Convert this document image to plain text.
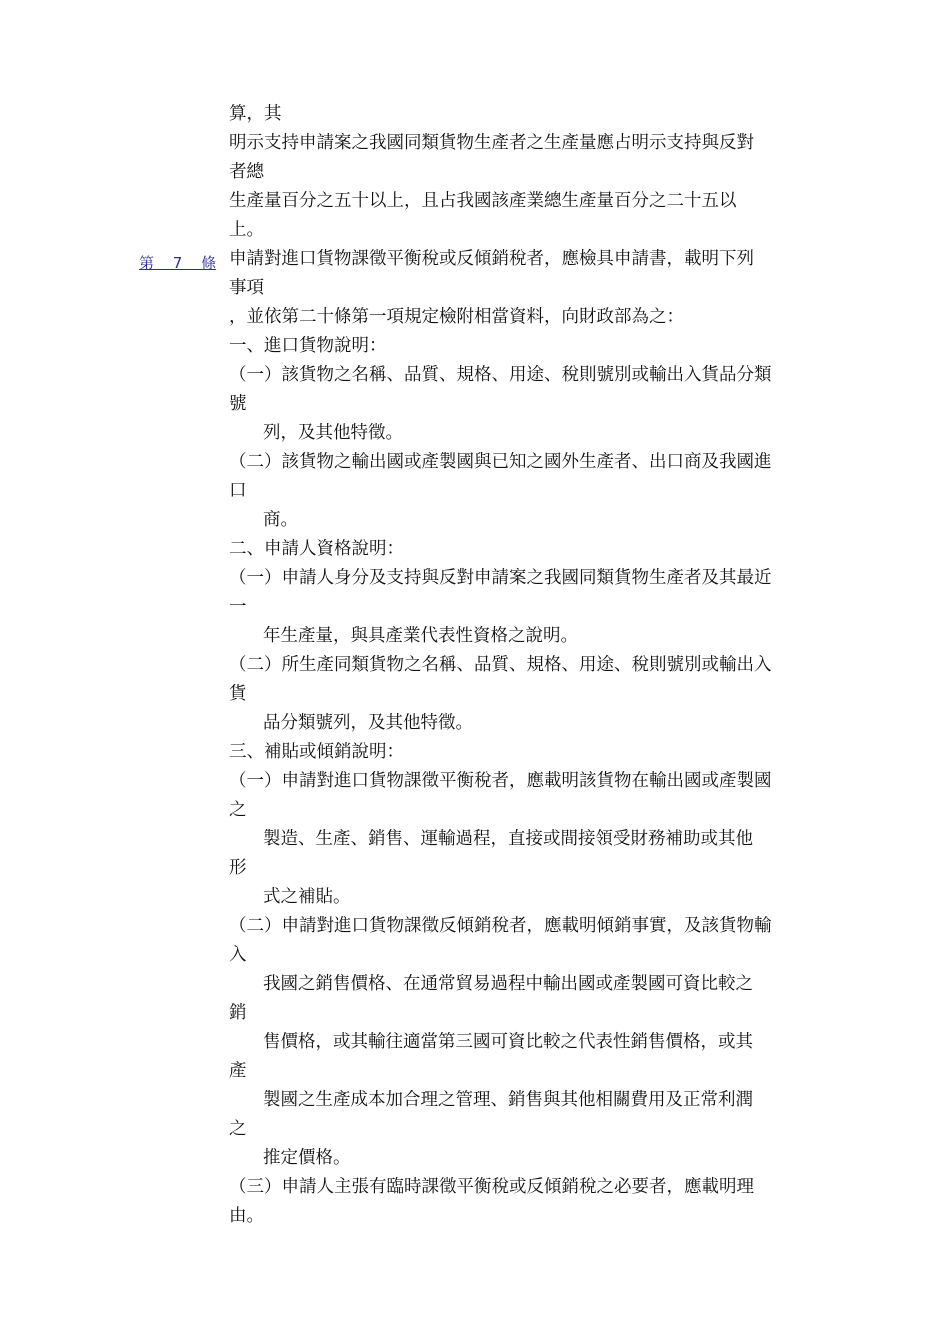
第 7 條
算，其
明示支持申請案之我國同類貨物生產者之生產量應占明示支持與反對
者總
生產量百分之五十以上，且占我國該產業總生產量百分之二十五以
上。
申請對進口貨物課徵平衡稅或反傾銷稅者，應檢具申請書，載明下列
事項
，並依第二十條第一項規定檢附相當資料，向財政部為之：
一、進口貨物說明：
（一）該貨物之名稱、品質、規格、用途、稅則號別或輸出入貨品分類
號
列，及其他特徵。
（二）該貨物之輸出國或產製國與已知之國外生產者、出口商及我國進
口
商。
二、申請人資格說明：
（一）申請人身分及支持與反對申請案之我國同類貨物生產者及其最近
一
年生產量，與具產業代表性資格之說明。
（二）所生產同類貨物之名稱、品質、規格、用途、稅則號別或輸出入
貨
品分類號列，及其他特徵。
三、補貼或傾銷說明：
（一）申請對進口貨物課徵平衡稅者，應載明該貨物在輸出國或產製國
之
製造、生產、銷售、運輸過程，直接或間接領受財務補助或其他
形
式之補貼。
（二）申請對進口貨物課徵反傾銷稅者，應載明傾銷事實，及該貨物輸
入
我國之銷售價格、在通常貿易過程中輸出國或產製國可資比較之
銷
售價格，或其輸往適當第三國可資比較之代表性銷售價格，或其
產
製國之生產成本加合理之管理、銷售與其他相關費用及正常利潤
之
推定價格。
（三）申請人主張有臨時課徵平衡稅或反傾銷稅之必要者，應載明理
由。
